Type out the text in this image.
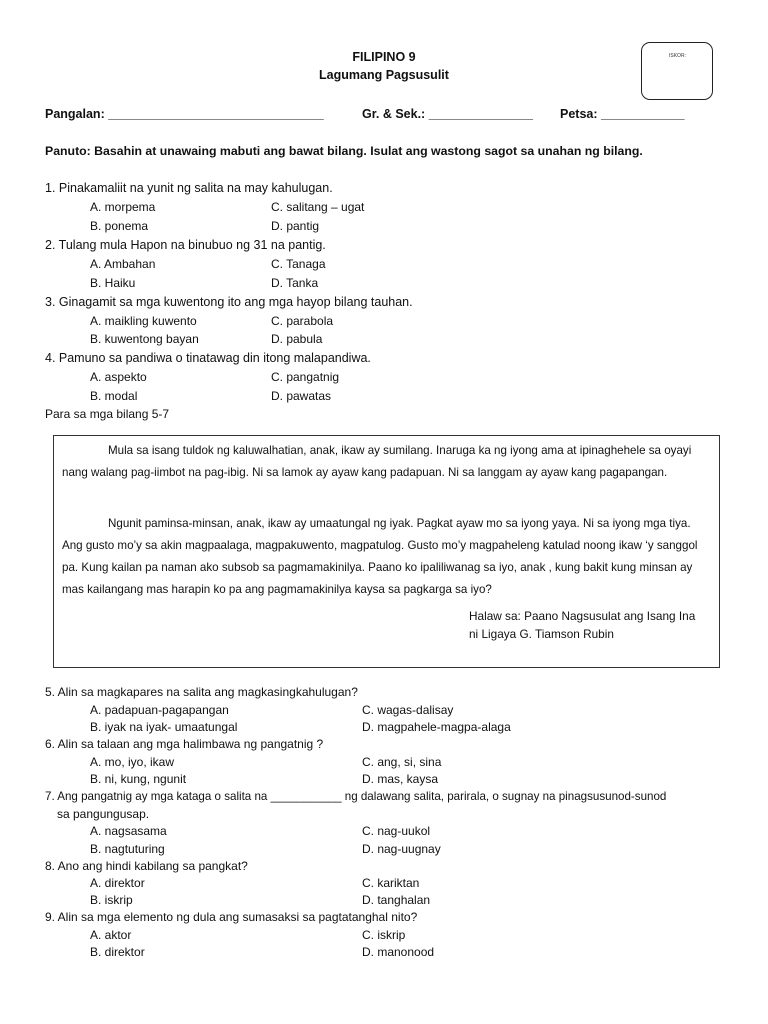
FILIPINO 9
Lagumang Pagsusulit
ISKOR:
Pangalan: _______________________________	Gr. & Sek.: _______________ Petsa: ____________
Panuto: Basahin at unawaing mabuti ang bawat bilang. Isulat ang wastong sagot sa unahan ng bilang.
1. Pinakamaliit na yunit ng salita na may kahulugan.
A. morpema	C. salitang – ugat
B. ponema	D. pantig
2. Tulang mula Hapon na binubuo ng 31 na pantig.
A. Ambahan	C. Tanaga
B. Haiku	D. Tanka
3. Ginagamit sa mga kuwentong ito ang mga hayop bilang tauhan.
A. maikling kuwento	C. parabola
B. kuwentong bayan	D. pabula
4. Pamuno sa pandiwa o tinatawag din itong malapandiwa.
A. aspekto	C. pangatnig
B. modal	D. pawatas
Para sa mga bilang 5-7
Mula sa isang tuldok ng kaluwalhatian, anak, ikaw ay sumilang. Inaruga ka ng iyong ama at ipinaghehele sa oyayi nang walang pag-iimbot na pag-ibig. Ni sa lamok ay ayaw kang padapuan. Ni sa langgam ay ayaw kang pagapangan.
Ngunit paminsa-minsan, anak, ikaw ay umaatungal ng iyak. Pagkat ayaw mo sa iyong yaya. Ni sa iyong mga tiya. Ang gusto mo’y sa akin magpaalaga, magpakuwento, magpatulog. Gusto mo’y magpaheleng katulad noong ikaw ‘y sanggol pa. Kung kailan pa naman ako subsob sa pagmamakinilya. Paano ko ipaliliwanag sa iyo, anak , kung bakit kung minsan ay mas kailangang mas harapin ko pa ang pagmamakinilya kaysa sa pagkarga sa iyo?
Halaw sa: Paano Nagsusulat ang Isang Ina
ni Ligaya G. Tiamson Rubin
5. Alin sa magkapares na salita ang magkasingkahulugan?
A. padapuan-pagapangan	C. wagas-dalisay
B. iyak na iyak- umaatungal	D. magpahele-magpa-alaga
6. Alin sa talaan ang mga halimbawa ng pangatnig ?
A. mo, iyo, ikaw	C. ang, si, sina
B. ni, kung, ngunit	D. mas, kaysa
7. Ang pangatnig ay mga kataga o salita na ___________ ng dalawang salita, parirala, o sugnay na pinagsusunod-sunod
sa pangungusap.
A. nagsasama	C. nag-uukol
B. nagtuturing	D. nag-uugnay
8. Ano ang hindi kabilang sa pangkat?
A. direktor	C. kariktan
B. iskrip	D. tanghalan
9. Alin sa mga elemento ng dula ang sumasaksi sa pagtatanghal nito?
A. aktor	C. iskrip
B. direktor	D. manonood
